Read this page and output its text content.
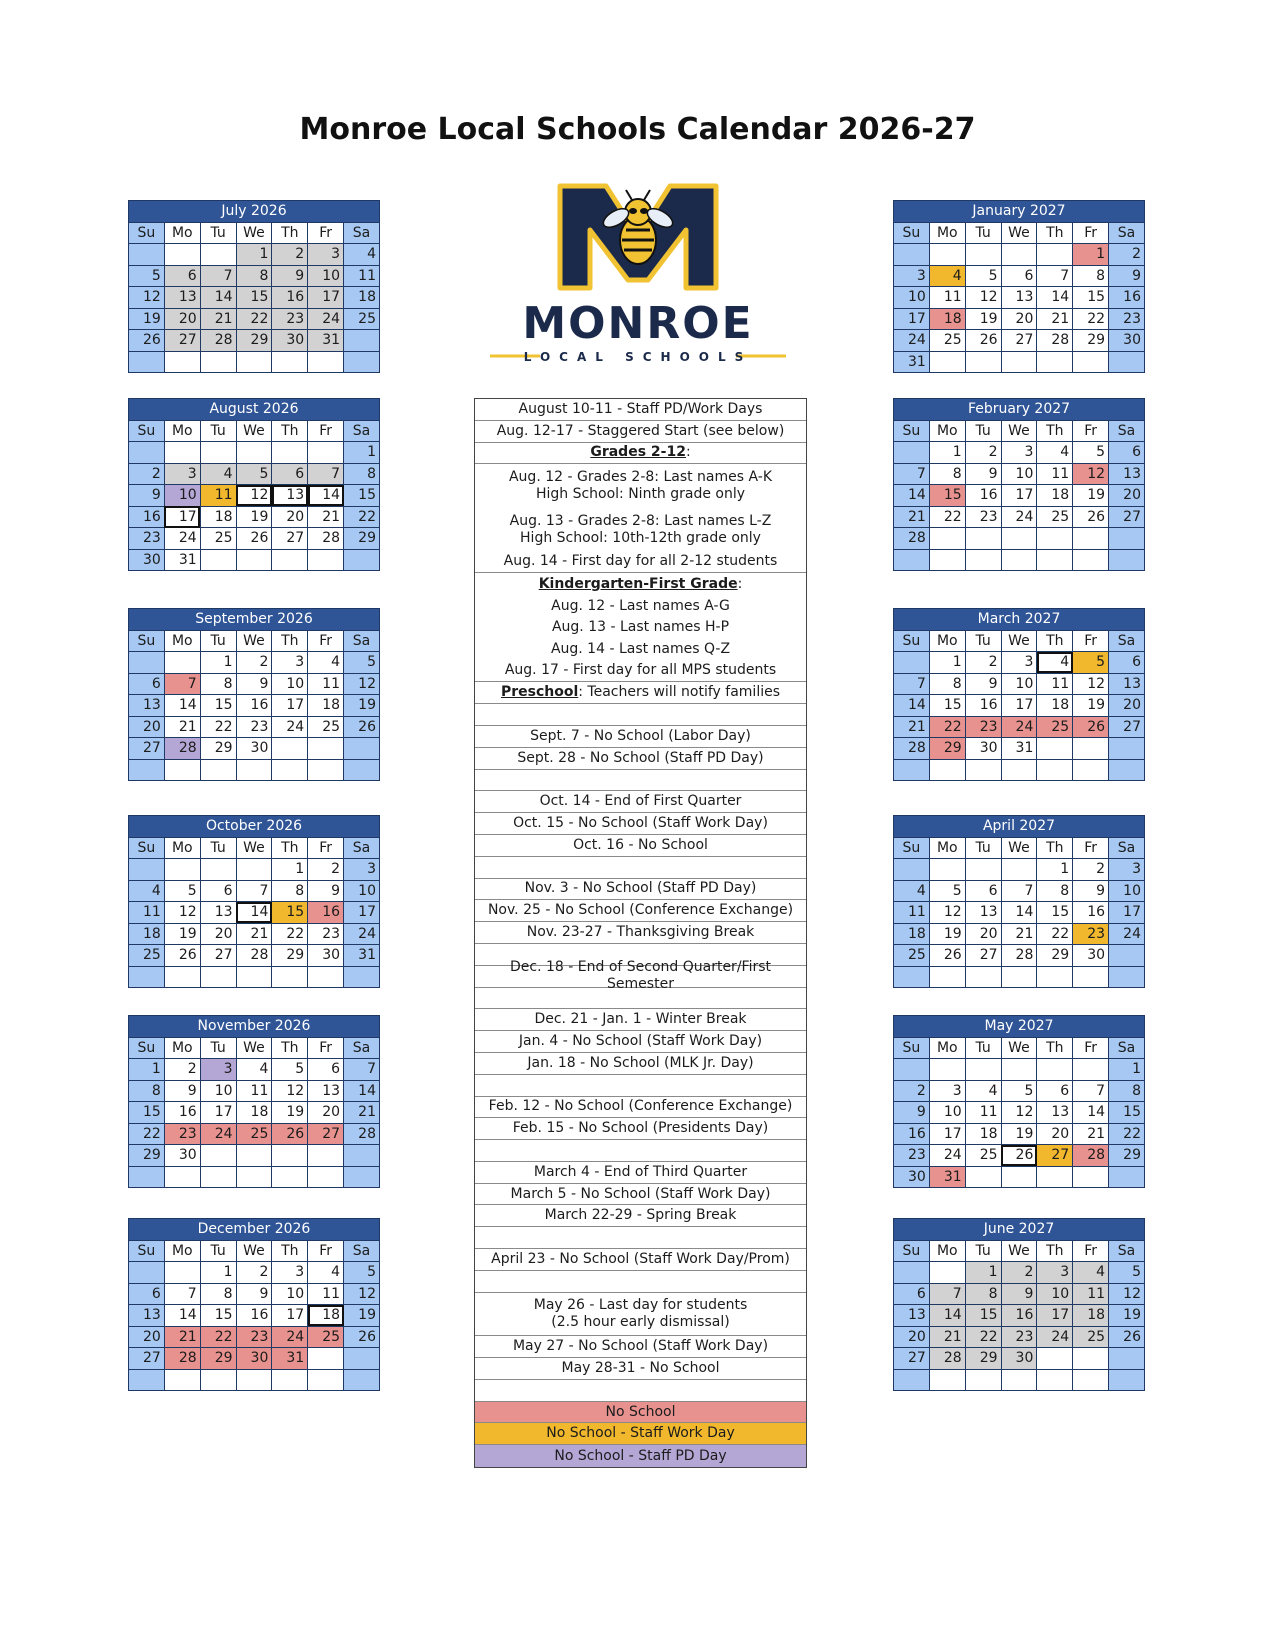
Monroe Local Schools Calendar 2026-27
MONROE
LOCAL SCHOOLS
July 2026						
Su	Mo	Tu	We	Th	Fr	Sa
			1	2	3	4
5	6	7	8	9	10	11
12	13	14	15	16	17	18
19	20	21	22	23	24	25
26	27	28	29	30	31	

August 2026						
Su	Mo	Tu	We	Th	Fr	Sa
						1
2	3	4	5	6	7	8
9	10	11	12	13	14	15
16	17	18	19	20	21	22
23	24	25	26	27	28	29
30	31					
September 2026						
Su	Mo	Tu	We	Th	Fr	Sa
		1	2	3	4	5
6	7	8	9	10	11	12
13	14	15	16	17	18	19
20	21	22	23	24	25	26
27	28	29	30			

October 2026						
Su	Mo	Tu	We	Th	Fr	Sa
				1	2	3
4	5	6	7	8	9	10
11	12	13	14	15	16	17
18	19	20	21	22	23	24
25	26	27	28	29	30	31

November 2026						
Su	Mo	Tu	We	Th	Fr	Sa
1	2	3	4	5	6	7
8	9	10	11	12	13	14
15	16	17	18	19	20	21
22	23	24	25	26	27	28
29	30					

December 2026						
Su	Mo	Tu	We	Th	Fr	Sa
		1	2	3	4	5
6	7	8	9	10	11	12
13	14	15	16	17	18	19
20	21	22	23	24	25	26
27	28	29	30	31		

January 2027						
Su	Mo	Tu	We	Th	Fr	Sa
					1	2
3	4	5	6	7	8	9
10	11	12	13	14	15	16
17	18	19	20	21	22	23
24	25	26	27	28	29	30
31						
February 2027						
Su	Mo	Tu	We	Th	Fr	Sa
	1	2	3	4	5	6
7	8	9	10	11	12	13
14	15	16	17	18	19	20
21	22	23	24	25	26	27
28						

March 2027						
Su	Mo	Tu	We	Th	Fr	Sa
	1	2	3	4	5	6
7	8	9	10	11	12	13
14	15	16	17	18	19	20
21	22	23	24	25	26	27
28	29	30	31			

April 2027						
Su	Mo	Tu	We	Th	Fr	Sa
				1	2	3
4	5	6	7	8	9	10
11	12	13	14	15	16	17
18	19	20	21	22	23	24
25	26	27	28	29	30	

May 2027						
Su	Mo	Tu	We	Th	Fr	Sa
						1
2	3	4	5	6	7	8
9	10	11	12	13	14	15
16	17	18	19	20	21	22
23	24	25	26	27	28	29
30	31					
June 2027						
Su	Mo	Tu	We	Th	Fr	Sa
		1	2	3	4	5
6	7	8	9	10	11	12
13	14	15	16	17	18	19
20	21	22	23	24	25	26
27	28	29	30			

August 10-11 - Staff PD/Work Days
Aug. 12-17 - Staggered Start (see below)
Grades 2-12:
Aug. 12 - Grades 2-8: Last names A-K
High School: Ninth grade only
Aug. 13 - Grades 2-8: Last names L-Z
High School: 10th-12th grade only
Aug. 14 - First day for all 2-12 students
Kindergarten-First Grade:
Aug. 12 - Last names A-G
Aug. 13 - Last names H-P
Aug. 14 - Last names Q-Z
Aug. 17 - First day for all MPS students
Preschool: Teachers will notify families
Sept. 7 - No School (Labor Day)
Sept. 28 - No School (Staff PD Day)
Oct. 14 - End of First Quarter
Oct. 15 - No School (Staff Work Day)
Oct. 16 - No School
Nov. 3 - No School (Staff PD Day)
Nov. 25 - No School (Conference Exchange)
Nov. 23-27 - Thanksgiving Break
Dec. 18 - End of Second Quarter/First Semester
Dec. 21 - Jan. 1 - Winter Break
Jan. 4 - No School (Staff Work Day)
Jan. 18 - No School (MLK Jr. Day)
Feb. 12 - No School (Conference Exchange)
Feb. 15 - No School (Presidents Day)
March 4 - End of Third Quarter
March 5 - No School (Staff Work Day)
March 22-29 - Spring Break
April 23 - No School (Staff Work Day/Prom)
May 26 - Last day for students
(2.5 hour early dismissal)
May 27 - No School (Staff Work Day)
May 28-31 - No School
No School
No School - Staff Work Day
No School - Staff PD Day
